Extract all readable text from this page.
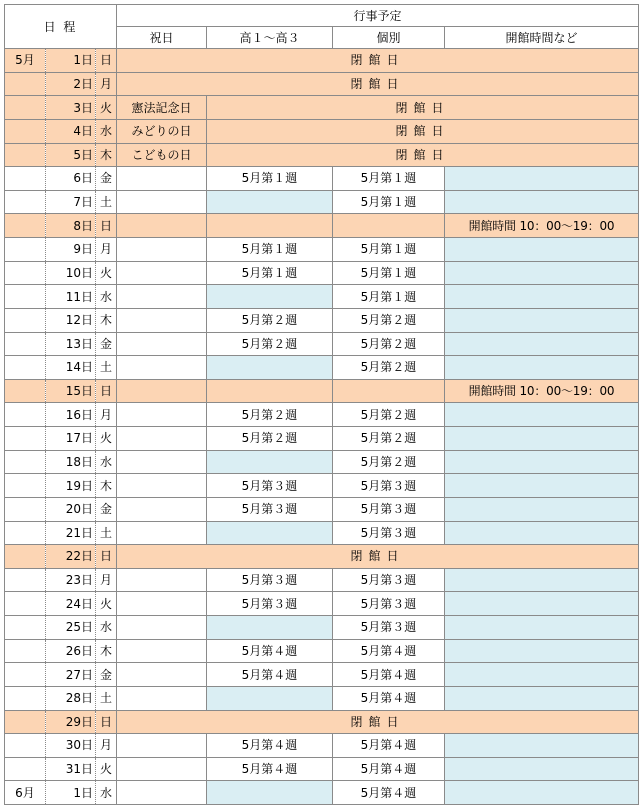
日 程			行事予定			
			祝日	高１～高３	個別	開館時間など
5月	1日	日	閉館日			
	2日	月	閉館日			
	3日	火	憲法記念日	閉館日		
	4日	水	みどりの日	閉館日		
	5日	木	こどもの日	閉館日		
	6日	金		5月第１週	5月第１週	
	7日	土			5月第１週	
	8日	日				開館時間 10：00～19：00
	9日	月		5月第１週	5月第１週	
	10日	火		5月第１週	5月第１週	
	11日	水			5月第１週	
	12日	木		5月第２週	5月第２週	
	13日	金		5月第２週	5月第２週	
	14日	土			5月第２週	
	15日	日				開館時間 10：00～19：00
	16日	月		5月第２週	5月第２週	
	17日	火		5月第２週	5月第２週	
	18日	水			5月第２週	
	19日	木		5月第３週	5月第３週	
	20日	金		5月第３週	5月第３週	
	21日	土			5月第３週	
	22日	日	閉館日			
	23日	月		5月第３週	5月第３週	
	24日	火		5月第３週	5月第３週	
	25日	水			5月第３週	
	26日	木		5月第４週	5月第４週	
	27日	金		5月第４週	5月第４週	
	28日	土			5月第４週	
	29日	日	閉館日			
	30日	月		5月第４週	5月第４週	
	31日	火		5月第４週	5月第４週	
6月	1日	水			5月第４週	
